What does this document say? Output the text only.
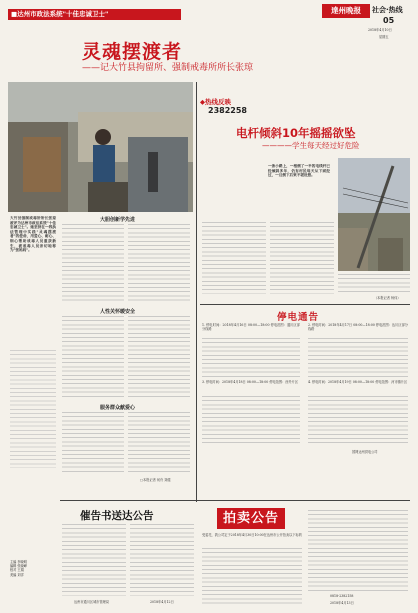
■达州市政法系统"十佳忠诚卫士"	達州晚报	社会·热线
05
2018年4月10日
星期五
灵魂摆渡者
——记大竹县拘留所、强制戒毒所所长张琼
大竹县强制戒毒所所长张琼被评为达州市政法系统"十佳忠诚卫士"。她坚持在一线执法管理中实践"灵魂摆渡者"的使命，用爱心、耐心、细心帮助戒毒人员重获新生，被戒毒人员亲切地称为"张妈妈"。
主编 李晓明
编辑 张晓峰
校对 王娟
美编 刘洋
大胆创新学先进
人性关怀暖安全
服务群众献爱心
□本报记者 何舟 刘健
◆热线反映
2382258
电杆倾斜10年摇摇欲坠
————学生每天经过好危险
一条小路上，一根倒了一半的电线杆已经倾斜多年，仍有村民每天从下面经过，一旦倒下后果不堪设想。
（本报记者 杨伟）
停电通告
1. 停电时间：2018年4月16日 08:00—18:00 停电范围：通川区部分线路
2. 停电时间：2018年4月17日 08:00—18:00 停电范围：达川区部分线路
3. 停电时间：2018年4月18日 08:00—18:00 停电范围：西外片区	4. 停电时间：2018年4月19日 08:00—18:00 停电范围：河市镇片区
国网达州供电公司
催告书送达公告
达州市通川区城市管理局	2018年4月12日
拍卖公告
受委托，我公司定于2018年4月30日10:00在达州市公开拍卖以下标的
0818-2382158
2018年4月13日
